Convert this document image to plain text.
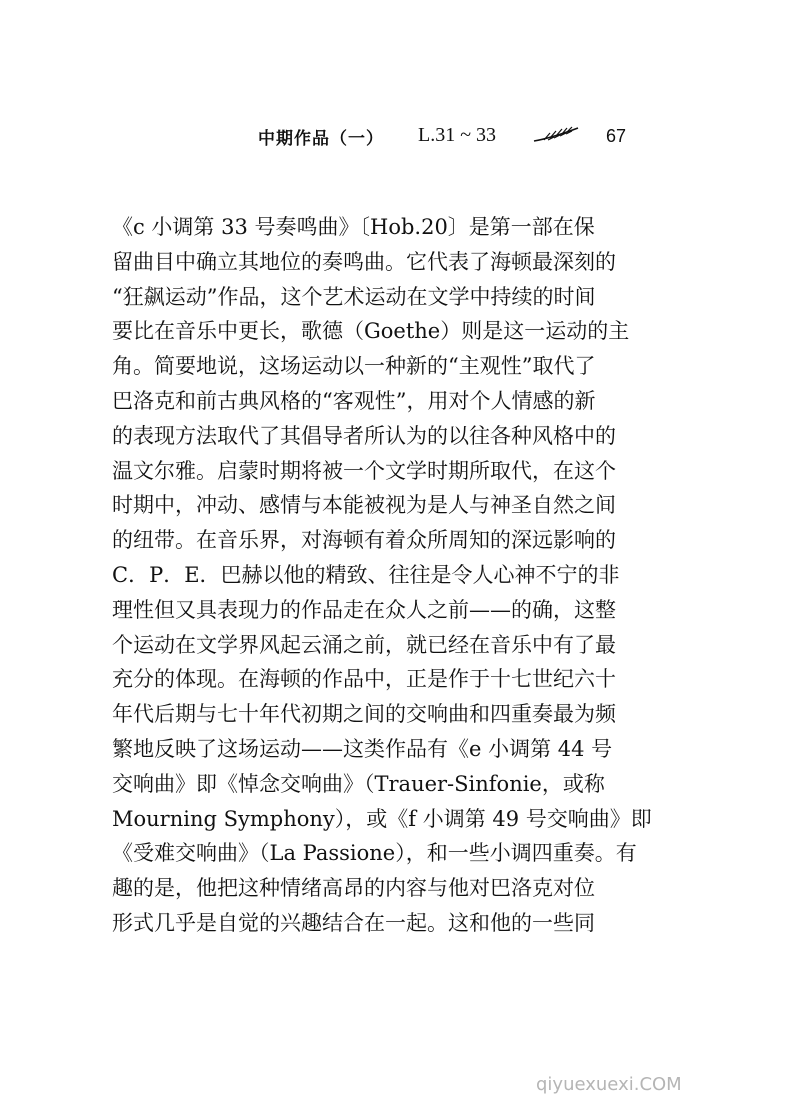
中期作品（一） L.31 ~ 33	67
《c 小调第 33 号奏鸣曲》〔Hob.20〕是第一部在保
留曲目中确立其地位的奏鸣曲。它代表了海顿最深刻的
“狂飙运动”作品，这个艺术运动在文学中持续的时间
要比在音乐中更长，歌德（Goethe）则是这一运动的主
角。简要地说，这场运动以一种新的“主观性”取代了
巴洛克和前古典风格的“客观性”，用对个人情感的新
的表现方法取代了其倡导者所认为的以往各种风格中的
温文尔雅。启蒙时期将被一个文学时期所取代，在这个
时期中，冲动、感情与本能被视为是人与神圣自然之间
的纽带。在音乐界，对海顿有着众所周知的深远影响的
C．P．E．巴赫以他的精致、往往是令人心神不宁的非
理性但又具表现力的作品走在众人之前——的确，这整
个运动在文学界风起云涌之前，就已经在音乐中有了最
充分的体现。在海顿的作品中，正是作于十七世纪六十
年代后期与七十年代初期之间的交响曲和四重奏最为频
繁地反映了这场运动——这类作品有《e 小调第 44 号
交响曲》即《悼念交响曲》（Trauer-Sinfonie，或称
Mourning Symphony），或《f 小调第 49 号交响曲》即
《受难交响曲》（La Passione），和一些小调四重奏。有
趣的是，他把这种情绪高昂的内容与他对巴洛克对位
形式几乎是自觉的兴趣结合在一起。这和他的一些同
qiyuexuexi.COM
